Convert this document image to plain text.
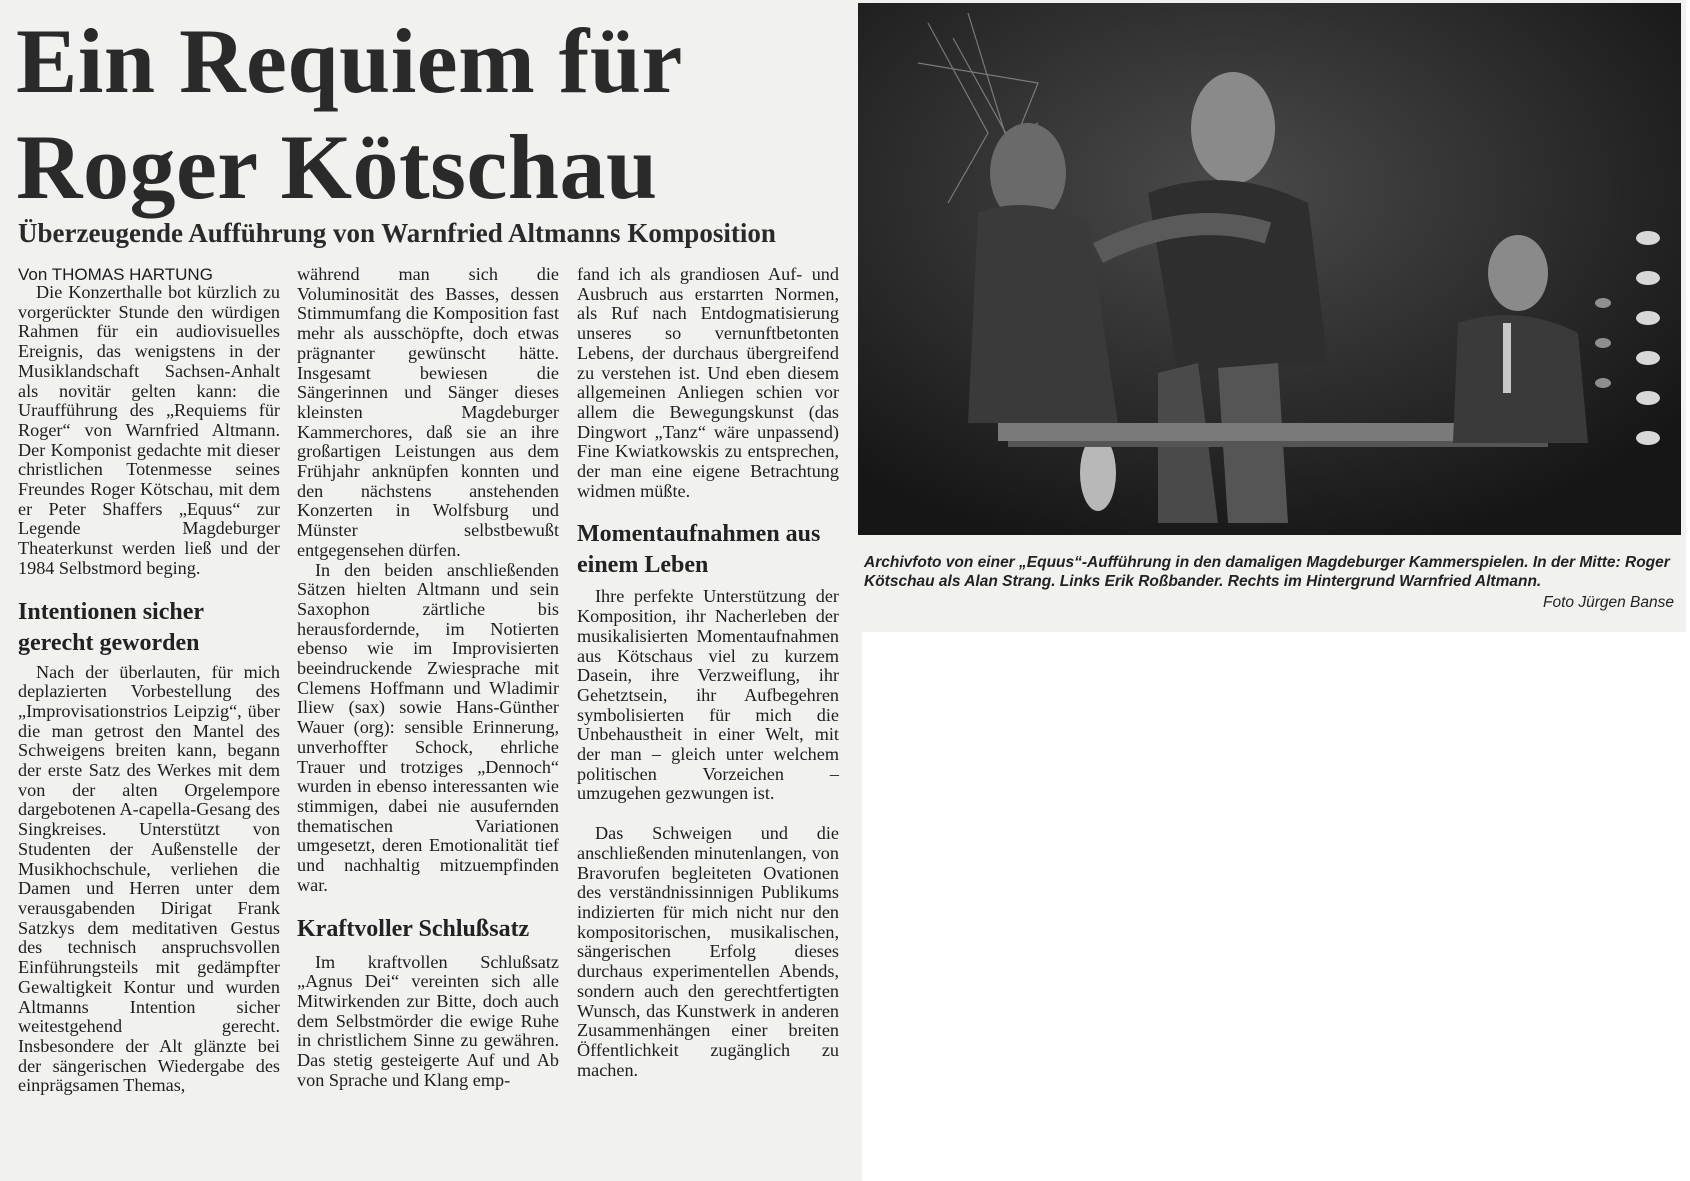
Ein Requiem für Roger Kötschau
Überzeugende Aufführung von Warnfried Altmanns Komposition
Von THOMAS HARTUNG

Die Konzerthalle bot kürzlich zu vorgerückter Stunde den würdigen Rahmen für ein audiovisuelles Ereignis, das wenigstens in der Musiklandschaft Sachsen-Anhalt als novitär gelten kann: die Uraufführung des „Requiems für Roger“ von Warnfried Altmann. Der Komponist gedachte mit dieser christlichen Totenmesse seines Freundes Roger Kötschau, mit dem er Peter Shaffers „Equus“ zur Legende Magdeburger Theaterkunst werden ließ und der 1984 Selbstmord beging.

Intentionen sicher gerecht geworden

Nach der überlauten, für mich deplazierten Vorbestellung des „Improvisationstrios Leipzig“, über die man getrost den Mantel des Schweigens breiten kann, begann der erste Satz des Werkes mit dem von der alten Orgelempore dargebotenen A-capella-Gesang des Singkreises. Unterstützt von Studenten der Außenstelle der Musikhochschule, verliehen die Damen und Herren unter dem verausgabenden Dirigat Frank Satzkys dem meditativen Gestus des technisch anspruchsvollen Einführungsteils mit gedämpfter Gewaltigkeit Kontur und wurden Altmanns Intention sicher weitestgehend gerecht. Insbesondere der Alt glänzte bei der sängerischen Wiedergabe des einprägsamen Themas,

während man sich die Voluminosität des Basses, dessen Stimmumfang die Komposition fast mehr als ausschöpfte, doch etwas prägnanter gewünscht hätte. Insgesamt bewiesen die Sängerinnen und Sänger dieses kleinsten Magdeburger Kammerchores, daß sie an ihre großartigen Leistungen aus dem Frühjahr anknüpfen konnten und den nächstens anstehenden Konzerten in Wolfsburg und Münster selbstbewußt entgegensehen dürfen.

In den beiden anschließenden Sätzen hielten Altmann und sein Saxophon zärtliche bis herausfordernde, im Notierten ebenso wie im Improvisierten beeindruckende Zwiesprache mit Clemens Hoffmann und Wladimir Iliew (sax) sowie Hans-Günther Wauer (org): sensible Erinnerung, unverhoffter Schock, ehrliche Trauer und trotziges „Dennoch“ wurden in ebenso interessanten wie stimmigen, dabei nie ausufernden thematischen Variationen umgesetzt, deren Emotionalität tief und nachhaltig mitzuempfinden war.

Kraftvoller Schlußsatz

Im kraftvollen Schlußsatz „Agnus Dei“ vereinten sich alle Mitwirkenden zur Bitte, doch auch dem Selbstmörder die ewige Ruhe in christlichem Sinne zu gewähren. Das stetig gesteigerte Auf und Ab von Sprache und Klang emp-

fand ich als grandiosen Auf- und Ausbruch aus erstarrten Normen, als Ruf nach Entdogmatisierung unseres so vernunftbetonten Lebens, der durchaus übergreifend zu verstehen ist. Und eben diesem allgemeinen Anliegen schien vor allem die Bewegungskunst (das Dingwort „Tanz“ wäre unpassend) Fine Kwiatkowskis zu entsprechen, der man eine eigene Betrachtung widmen müßte.

Momentaufnahmen aus einem Leben

Ihre perfekte Unterstützung der Komposition, ihr Nacherleben der musikalisierten Momentaufnahmen aus Kötschaus viel zu kurzem Dasein, ihre Verzweiflung, ihr Gehetztsein, ihr Aufbegehren symbolisierten für mich die Unbehaustheit in einer Welt, mit der man – gleich unter welchem politischen Vorzeichen – umzugehen gezwungen ist.

Das Schweigen und die anschließenden minutenlangen, von Bravorufen begleiteten Ovationen des verständnissinnigen Publikums indizierten für mich nicht nur den kompositorischen, musikalischen, sängerischen Erfolg dieses durchaus experimentellen Abends, sondern auch den gerechtfertigten Wunsch, das Kunstwerk in anderen Zusammenhängen einer breiten Öffentlichkeit zugänglich zu machen.

Archivfoto von einer „Equus“-Aufführung in den damaligen Magdeburger Kammerspielen. In der Mitte: Roger Kötschau als Alan Strang. Links Erik Roßbander. Rechts im Hintergrund Warnfried Altmann.
Foto Jürgen Banse
